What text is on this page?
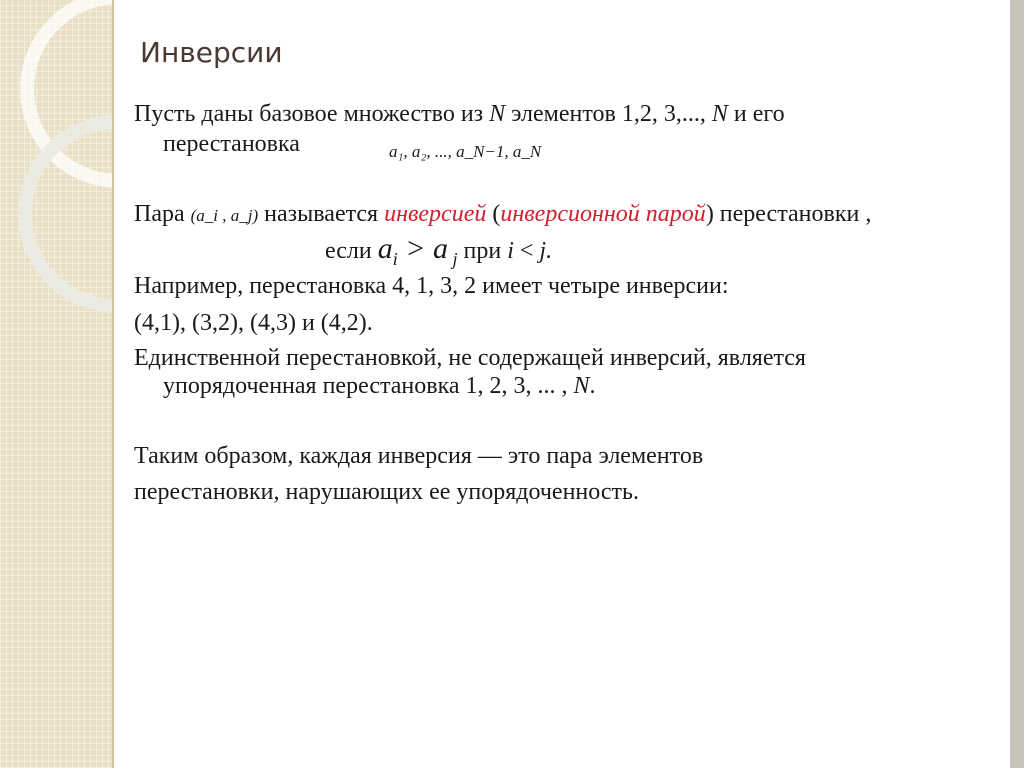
Инверсии
Пусть даны базовое множество из N элементов 1,2, 3,..., N и его
перестановка	a₁, a₂, ..., a_N−1, a_N
Пара (a_i , a_j) называется инверсией (инверсионной парой) перестановки ,
если $a_i > a$ $_j$ при i < j.
Например, перестановка 4, 1, 3, 2 имеет четыре инверсии:
(4,1), (3,2), (4,3) и (4,2).
Единственной перестановкой, не содержащей инверсий, является
упорядоченная перестановка 1, 2, 3, ... , N.
Таким образом, каждая инверсия — это пара элементов
перестановки, нарушающих ее упорядоченность.
